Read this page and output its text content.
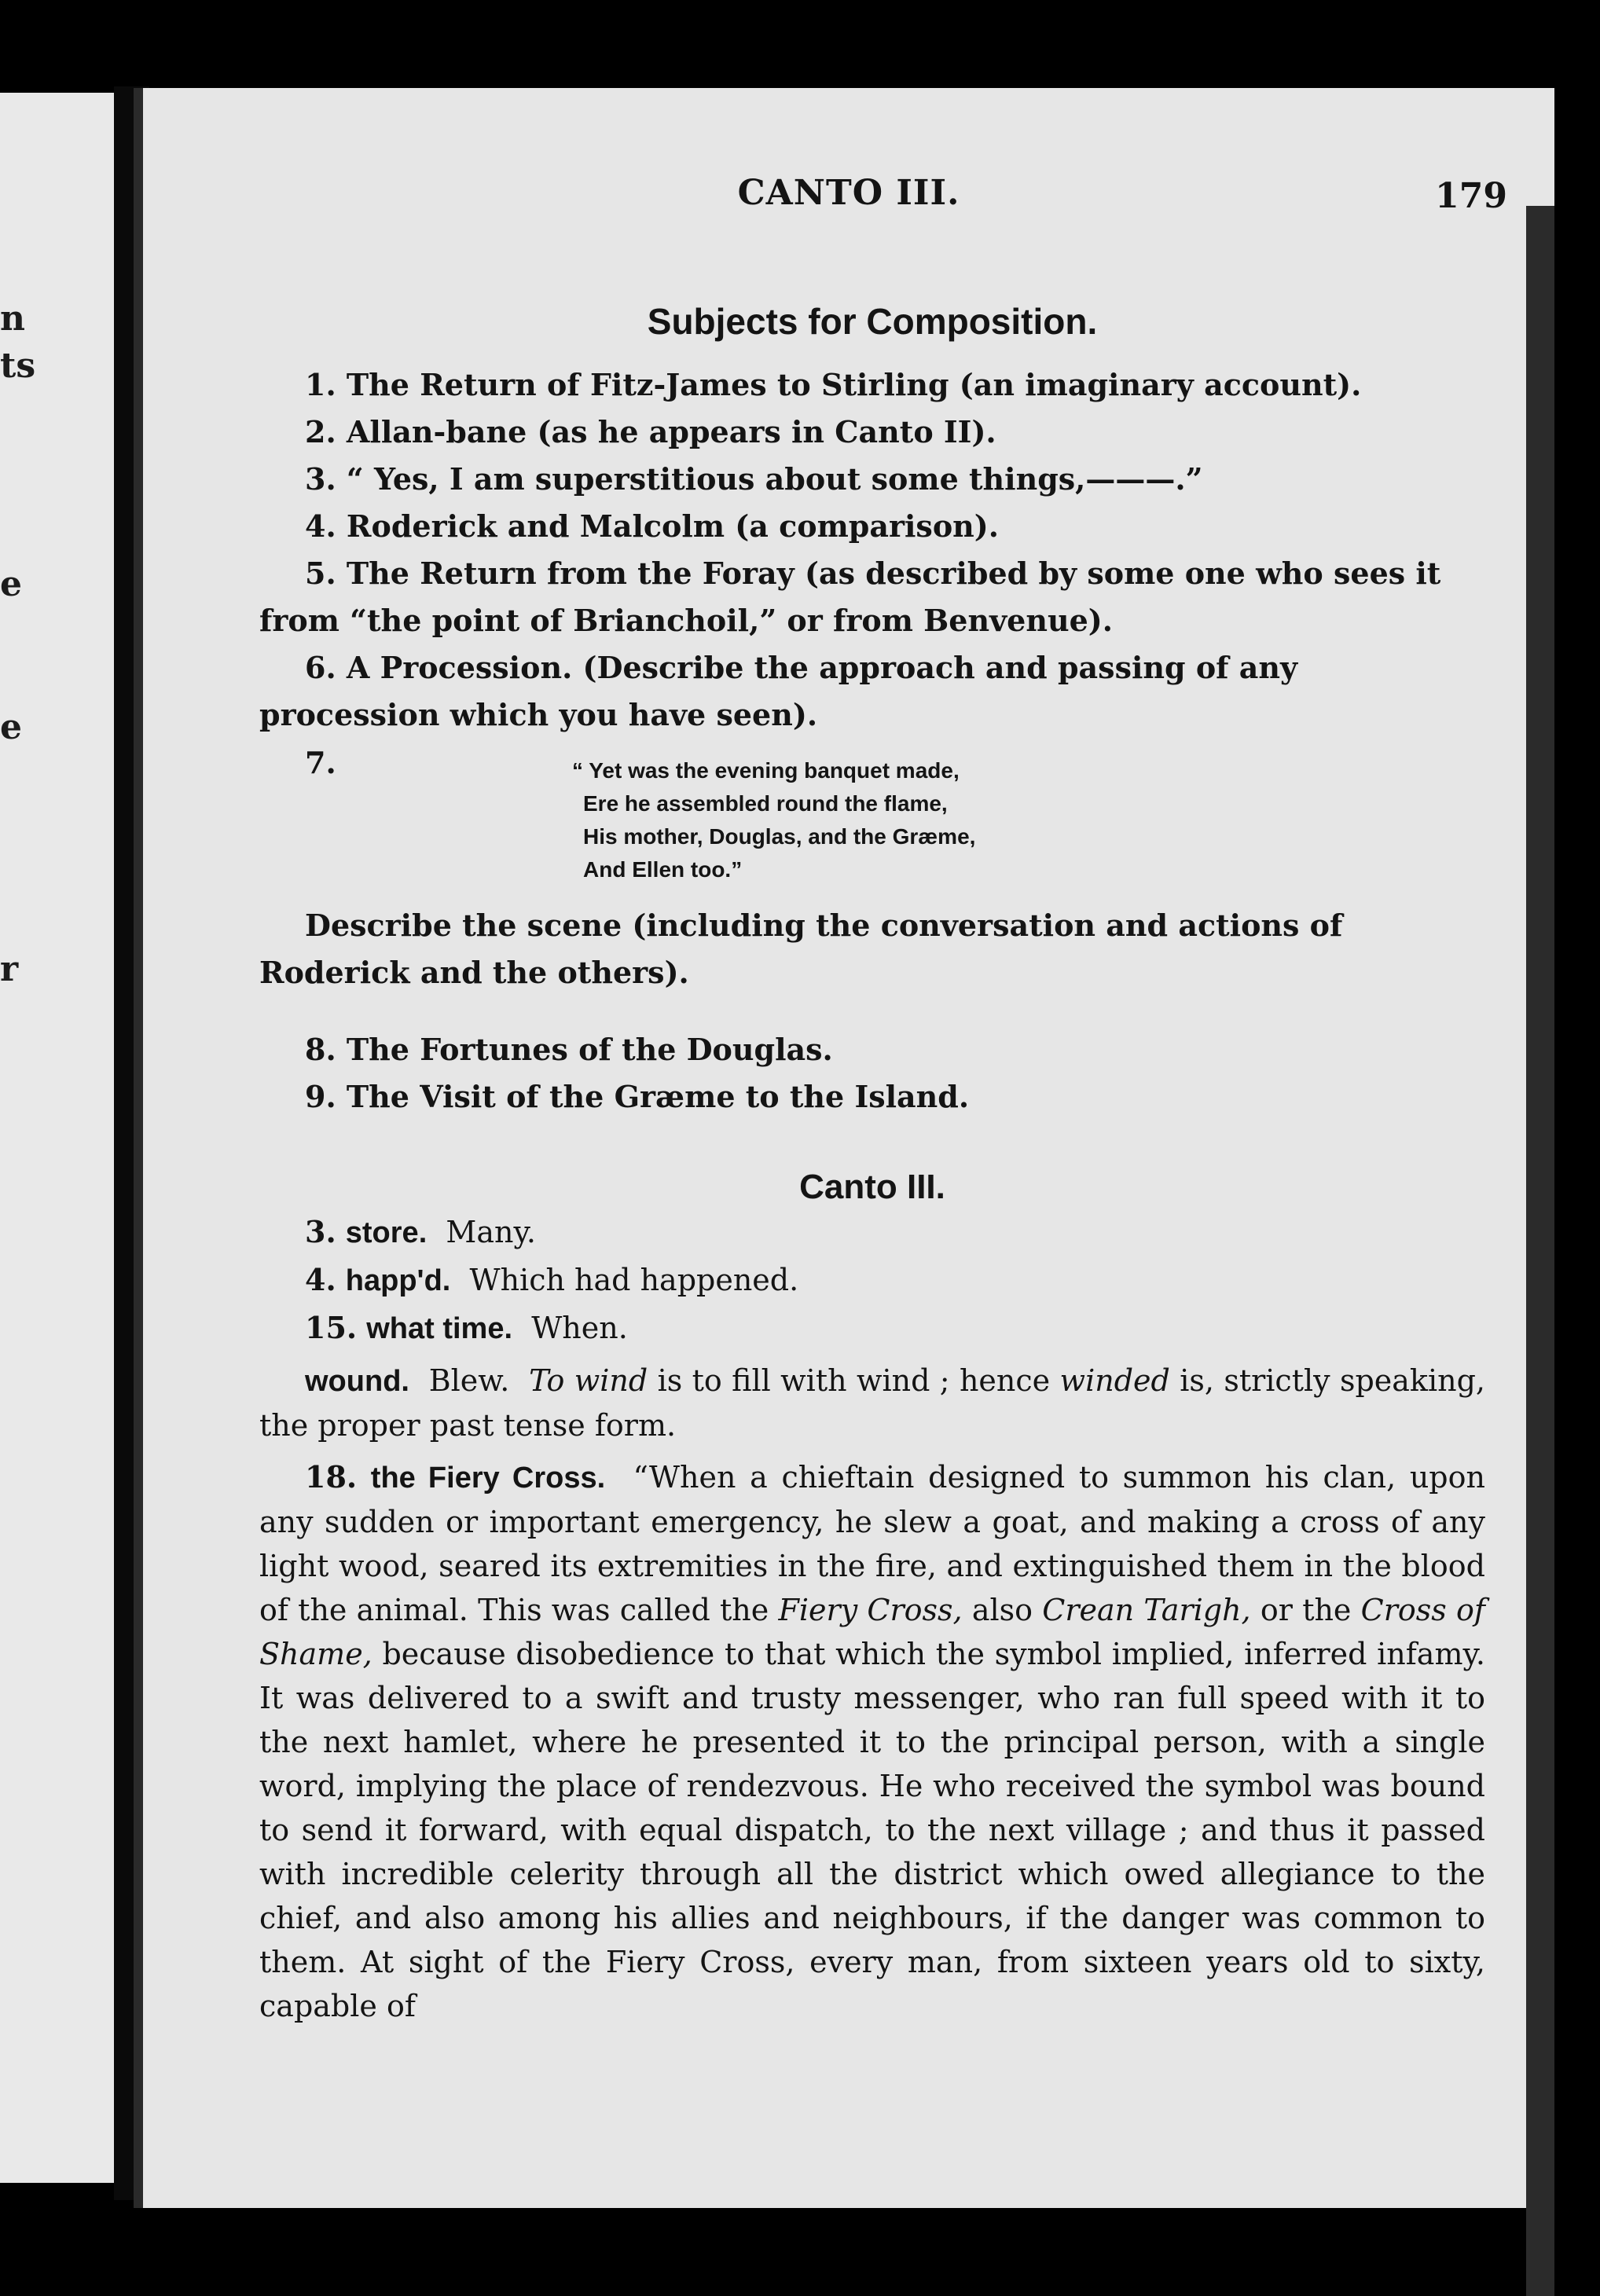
n
ts
e
e
r
CANTO III.	179
Subjects for Composition.

1. The Return of Fitz-James to Stirling (an imaginary account).

2. Allan-bane (as he appears in Canto II).

3. “ Yes, I am superstitious about some things,———.”

4. Roderick and Malcolm (a comparison).

5. The Return from the Foray (as described by some one who sees it from “the point of Brianchoil,” or from Benvenue).

6. A Procession. (Describe the approach and passing of any procession which you have seen).

7.	“ Yet was the evening banquet made,
Ere he assembled round the flame,
His mother, Douglas, and the Græme,
And Ellen too.”

Describe the scene (including the conversation and actions of Roderick and the others).

8. The Fortunes of the Douglas.

9. The Visit of the Græme to the Island.

Canto III.

3. store. Many.

4. happ'd. Which had happened.

15. what time. When.

wound. Blew. To wind is to fill with wind ; hence winded is, strictly speaking, the proper past tense form.

18. the Fiery Cross. “When a chieftain designed to summon his clan, upon any sudden or important emergency, he slew a goat, and making a cross of any light wood, seared its extremities in the fire, and extinguished them in the blood of the animal. This was called the Fiery Cross, also Crean Tarigh, or the Cross of Shame, because disobedience to that which the symbol implied, inferred infamy. It was delivered to a swift and trusty messenger, who ran full speed with it to the next hamlet, where he presented it to the principal person, with a single word, implying the place of rendezvous. He who received the symbol was bound to send it forward, with equal dispatch, to the next village ; and thus it passed with incredible celerity through all the district which owed allegiance to the chief, and also among his allies and neighbours, if the danger was common to them. At sight of the Fiery Cross, every man, from sixteen years old to sixty, capable of
